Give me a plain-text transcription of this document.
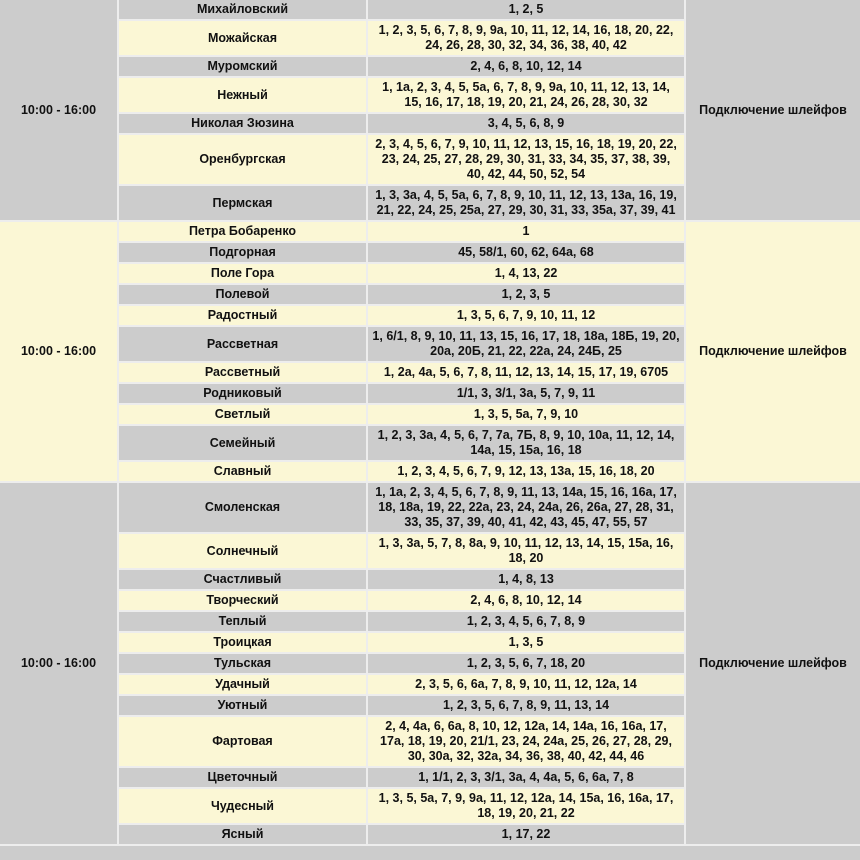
10:00 - 16:00	Михайловский	1, 2, 5	Подключение шлейфов
	Можайская	1, 2, 3, 5, 6, 7, 8, 9, 9а, 10, 11, 12, 14, 16, 18, 20, 22, 24, 26, 28, 30, 32, 34, 36, 38, 40, 42	
	Муромский	2, 4, 6, 8, 10, 12, 14	
	Нежный	1, 1а, 2, 3, 4, 5, 5а, 6, 7, 8, 9, 9а, 10, 11, 12, 13, 14, 15, 16, 17, 18, 19, 20, 21, 24, 26, 28, 30, 32	
	Николая Зюзина	3, 4, 5, 6, 8, 9	
	Оренбургская	2, 3, 4, 5, 6, 7, 9, 10, 11, 12, 13, 15, 16, 18, 19, 20, 22, 23, 24, 25, 27, 28, 29, 30, 31, 33, 34, 35, 37, 38, 39, 40, 42, 44, 50, 52, 54	
	Пермская	1, 3, 3а, 4, 5, 5а, 6, 7, 8, 9, 10, 11, 12, 13, 13а, 16, 19, 21, 22, 24, 25, 25а, 27, 29, 30, 31, 33, 35а, 37, 39, 41	
10:00 - 16:00	Петра Бобаренко	1	Подключение шлейфов
	Подгорная	45, 58/1, 60, 62, 64а, 68	
	Поле Гора	1, 4, 13, 22	
	Полевой	1, 2, 3, 5	
	Радостный	1, 3, 5, 6, 7, 9, 10, 11, 12	
	Рассветная	1, 6/1, 8, 9, 10, 11, 13, 15, 16, 17, 18, 18а, 18Б, 19, 20, 20а, 20Б, 21, 22, 22а, 24, 24Б, 25	
	Рассветный	1, 2а, 4а, 5, 6, 7, 8, 11, 12, 13, 14, 15, 17, 19, 6705	
	Родниковый	1/1, 3, 3/1, 3а, 5, 7, 9, 11	
	Светлый	1, 3, 5, 5а, 7, 9, 10	
	Семейный	1, 2, 3, 3а, 4, 5, 6, 7, 7а, 7Б, 8, 9, 10, 10а, 11, 12, 14, 14а, 15, 15а, 16, 18	
	Славный	1, 2, 3, 4, 5, 6, 7, 9, 12, 13, 13а, 15, 16, 18, 20	
10:00 - 16:00	Смоленская	1, 1а, 2, 3, 4, 5, 6, 7, 8, 9, 11, 13, 14а, 15, 16, 16а, 17, 18, 18а, 19, 22, 22а, 23, 24, 24а, 26, 26а, 27, 28, 31, 33, 35, 37, 39, 40, 41, 42, 43, 45, 47, 55, 57	Подключение шлейфов
	Солнечный	1, 3, 3а, 5, 7, 8, 8а, 9, 10, 11, 12, 13, 14, 15, 15а, 16, 18, 20	
	Счастливый	1, 4, 8, 13	
	Творческий	2, 4, 6, 8, 10, 12, 14	
	Теплый	1, 2, 3, 4, 5, 6, 7, 8, 9	
	Троицкая	1, 3, 5	
	Тульская	1, 2, 3, 5, 6, 7, 18, 20	
	Удачный	2, 3, 5, 6, 6а, 7, 8, 9, 10, 11, 12, 12а, 14	
	Уютный	1, 2, 3, 5, 6, 7, 8, 9, 11, 13, 14	
	Фартовая	2, 4, 4а, 6, 6а, 8, 10, 12, 12а, 14, 14а, 16, 16а, 17, 17а, 18, 19, 20, 21/1, 23, 24, 24а, 25, 26, 27, 28, 29, 30, 30а, 32, 32а, 34, 36, 38, 40, 42, 44, 46	
	Цветочный	1, 1/1, 2, 3, 3/1, 3а, 4, 4а, 5, 6, 6а, 7, 8	
	Чудесный	1, 3, 5, 5а, 7, 9, 9а, 11, 12, 12а, 14, 15а, 16, 16а, 17, 18, 19, 20, 21, 22	
	Ясный	1, 17, 22	
